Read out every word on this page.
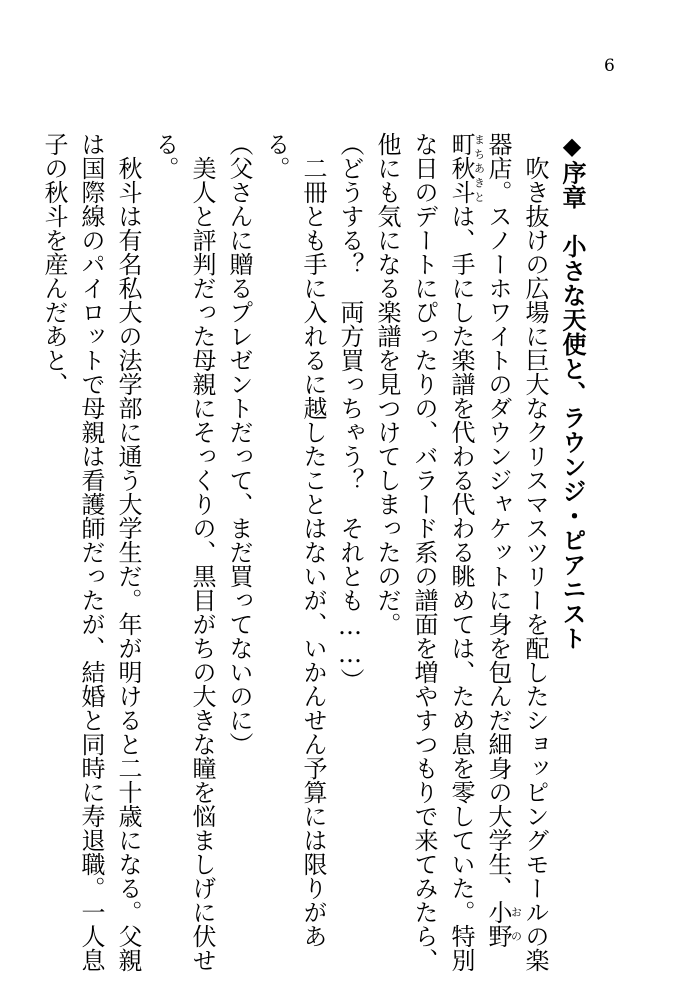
6
◆序章　小さな天使と、ラウンジ・ピアニスト

吹き抜けの広場に巨大なクリスマスツリーを配したショッピングモールの楽器店。スノーホワイトのダウンジャケットに身を包んだ細身の大学生、小野おの町秋斗まちあきとは、手にした楽譜を代わる代わる眺めては、ため息を零していた。特別な日のデートにぴったりの、バラード系の譜面を増やすつもりで来てみたら、他にも気になる楽譜を見つけてしまったのだ。

（どうする？　両方買っちゃう？　それとも……）

二冊とも手に入れるに越したことはないが、いかんせん予算には限りがある。

（父さんに贈るプレゼントだって、まだ買ってないのに）

美人と評判だった母親にそっくりの、黒目がちの大きな瞳を悩ましげに伏せる。

秋斗は有名私大の法学部に通う大学生だ。年が明けると二十歳になる。父親は国際線のパイロットで母親は看護師だったが、結婚と同時に寿退職。一人息子の秋斗を産んだあと、
